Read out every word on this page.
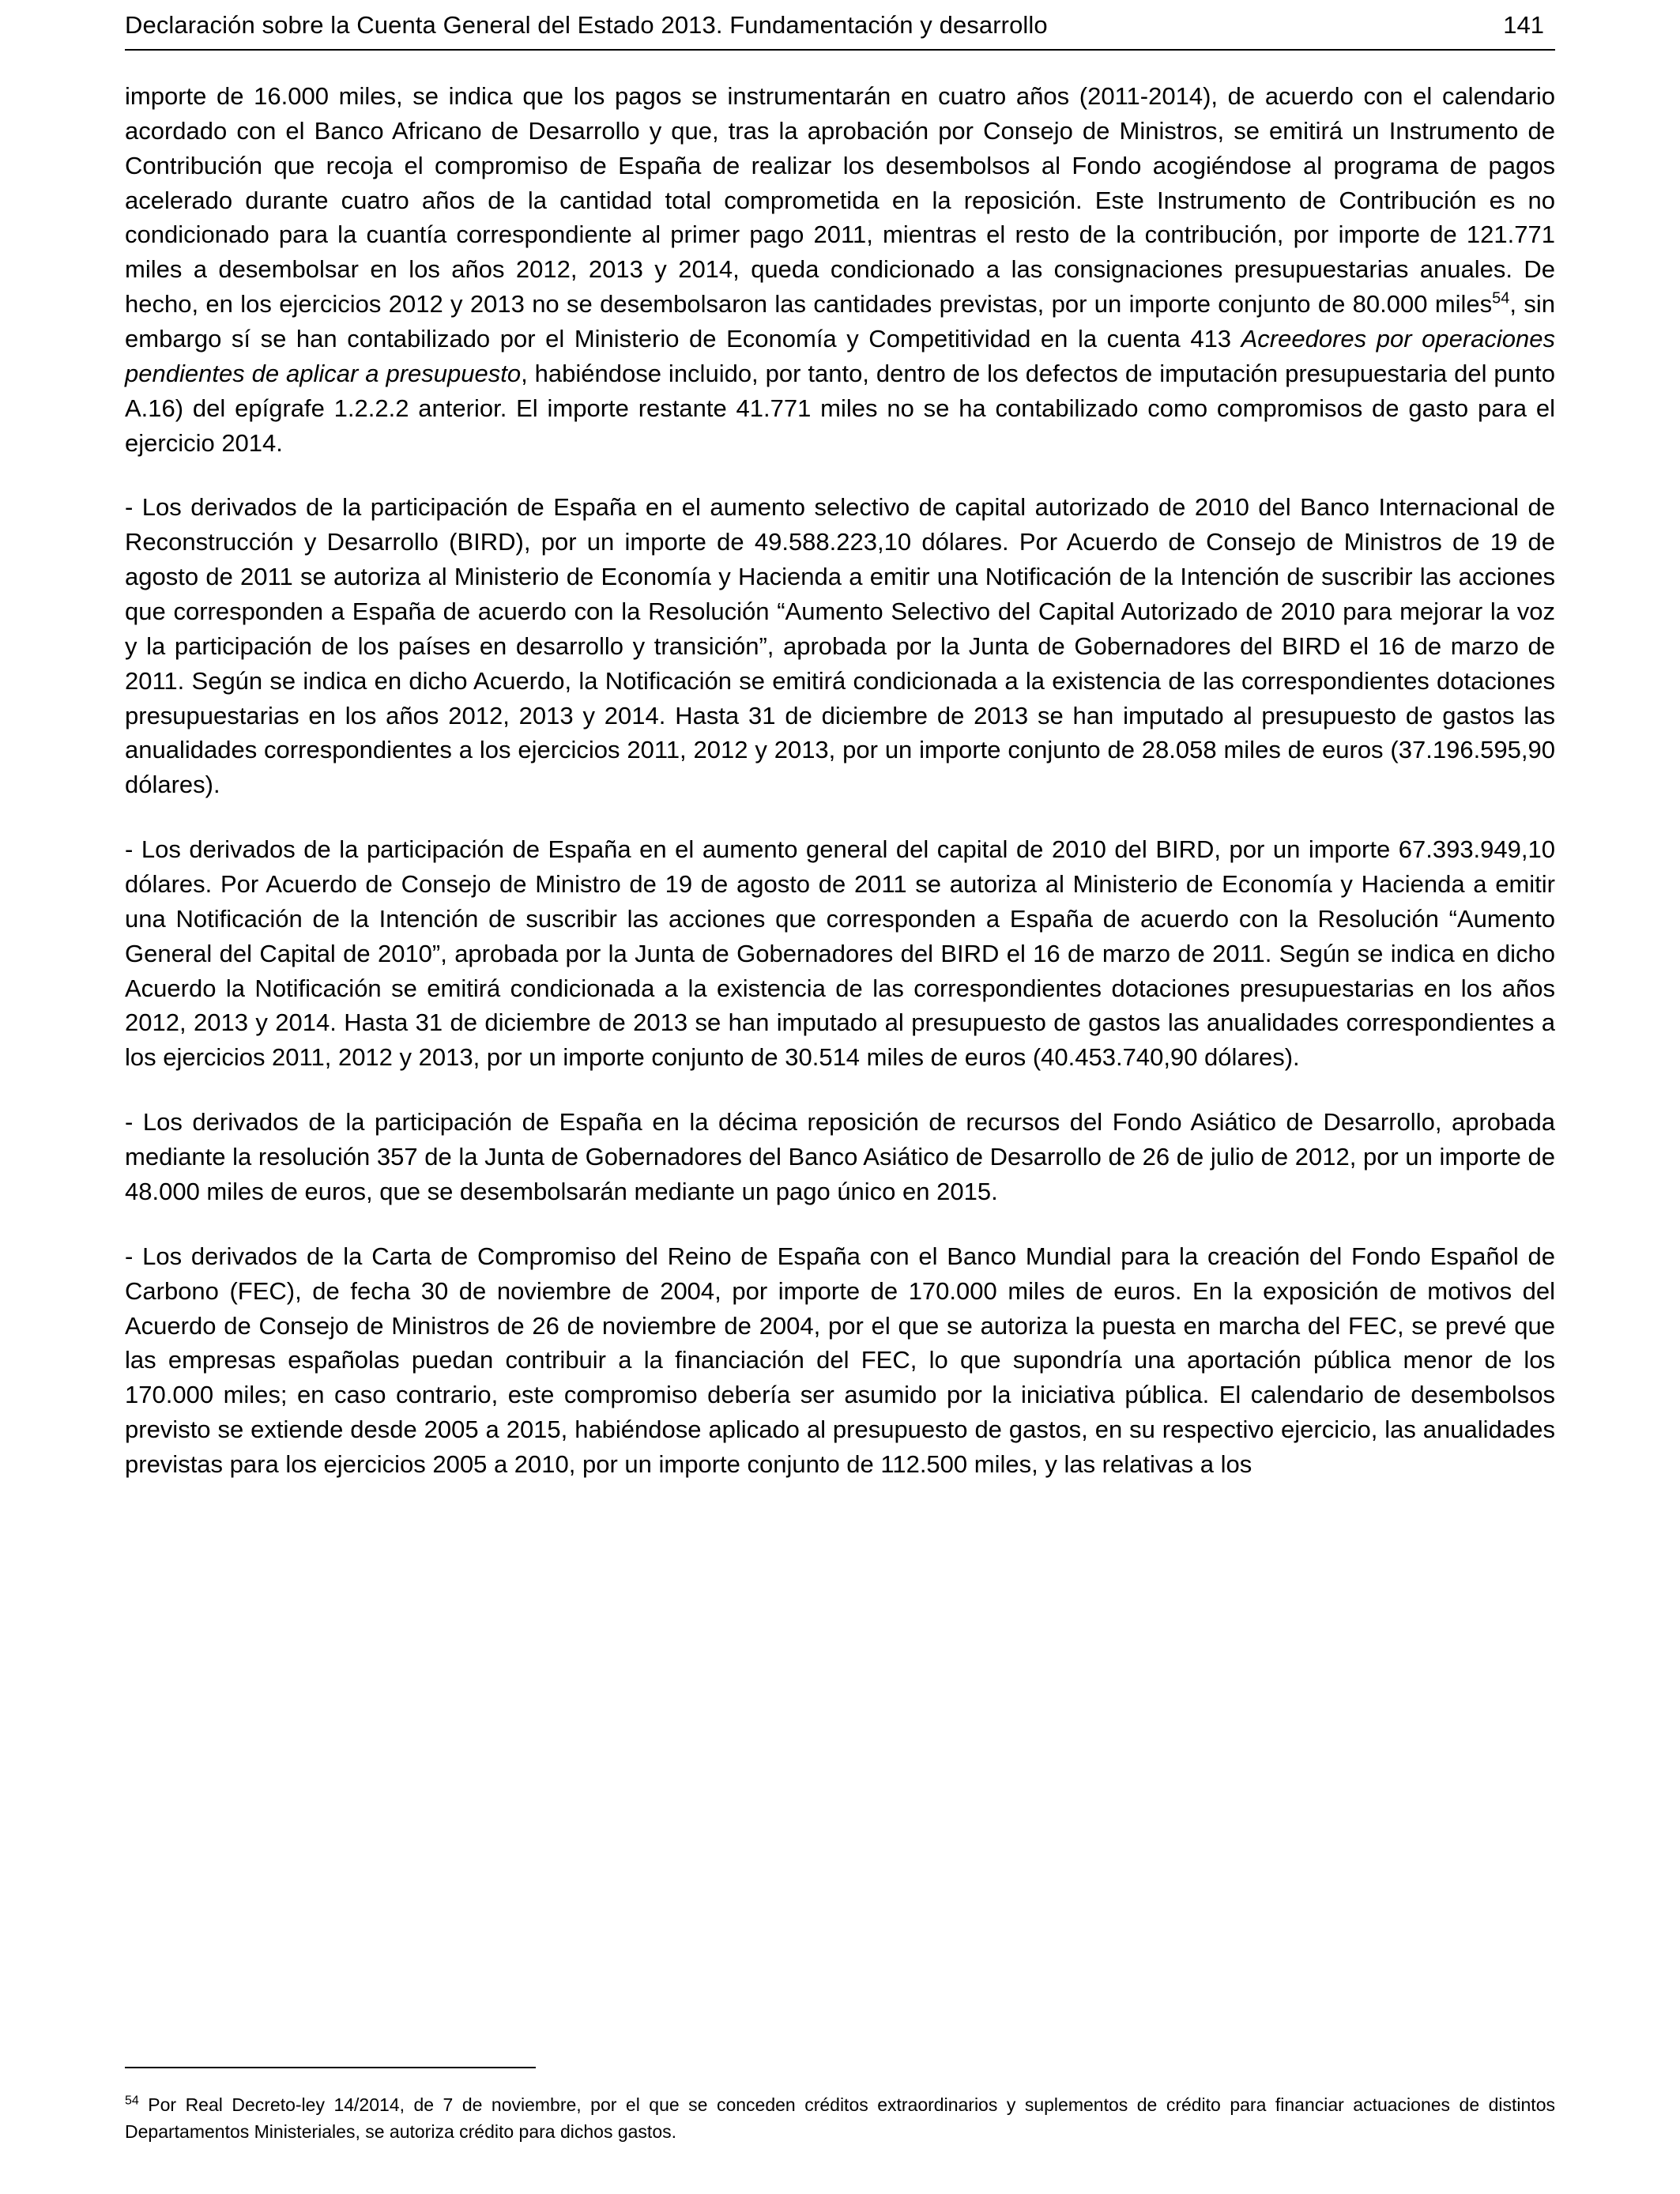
Declaración sobre la Cuenta General del Estado 2013. Fundamentación y desarrollo	141

importe de 16.000 miles, se indica que los pagos se instrumentarán en cuatro años (2011-2014), de acuerdo con el calendario acordado con el Banco Africano de Desarrollo y que, tras la aprobación por Consejo de Ministros, se emitirá un Instrumento de Contribución que recoja el compromiso de España de realizar los desembolsos al Fondo acogiéndose al programa de pagos acelerado durante cuatro años de la cantidad total comprometida en la reposición. Este Instrumento de Contribución es no condicionado para la cuantía correspondiente al primer pago 2011, mientras el resto de la contribución, por importe de 121.771 miles a desembolsar en los años 2012, 2013 y 2014, queda condicionado a las consignaciones presupuestarias anuales. De hecho, en los ejercicios 2012 y 2013 no se desembolsaron las cantidades previstas, por un importe conjunto de 80.000 miles$^{54}$, sin embargo sí se han contabilizado por el Ministerio de Economía y Competitividad en la cuenta 413 Acreedores por operaciones pendientes de aplicar a presupuesto, habiéndose incluido, por tanto, dentro de los defectos de imputación presupuestaria del punto A.16) del epígrafe 1.2.2.2 anterior. El importe restante 41.771 miles no se ha contabilizado como compromisos de gasto para el ejercicio 2014.

- Los derivados de la participación de España en el aumento selectivo de capital autorizado de 2010 del Banco Internacional de Reconstrucción y Desarrollo (BIRD), por un importe de 49.588.223,10 dólares. Por Acuerdo de Consejo de Ministros de 19 de agosto de 2011 se autoriza al Ministerio de Economía y Hacienda a emitir una Notificación de la Intención de suscribir las acciones que corresponden a España de acuerdo con la Resolución “Aumento Selectivo del Capital Autorizado de 2010 para mejorar la voz y la participación de los países en desarrollo y transición”, aprobada por la Junta de Gobernadores del BIRD el 16 de marzo de 2011. Según se indica en dicho Acuerdo, la Notificación se emitirá condicionada a la existencia de las correspondientes dotaciones presupuestarias en los años 2012, 2013 y 2014. Hasta 31 de diciembre de 2013 se han imputado al presupuesto de gastos las anualidades correspondientes a los ejercicios 2011, 2012 y 2013, por un importe conjunto de 28.058 miles de euros (37.196.595,90 dólares).

- Los derivados de la participación de España en el aumento general del capital de 2010 del BIRD, por un importe 67.393.949,10 dólares. Por Acuerdo de Consejo de Ministro de 19 de agosto de 2011 se autoriza al Ministerio de Economía y Hacienda a emitir una Notificación de la Intención de suscribir las acciones que corresponden a España de acuerdo con la Resolución “Aumento General del Capital de 2010”, aprobada por la Junta de Gobernadores del BIRD el 16 de marzo de 2011. Según se indica en dicho Acuerdo la Notificación se emitirá condicionada a la existencia de las correspondientes dotaciones presupuestarias en los años 2012, 2013 y 2014. Hasta 31 de diciembre de 2013 se han imputado al presupuesto de gastos las anualidades correspondientes a los ejercicios 2011, 2012 y 2013, por un importe conjunto de 30.514 miles de euros (40.453.740,90 dólares).

- Los derivados de la participación de España en la décima reposición de recursos del Fondo Asiático de Desarrollo, aprobada mediante la resolución 357 de la Junta de Gobernadores del Banco Asiático de Desarrollo de 26 de julio de 2012, por un importe de 48.000 miles de euros, que se desembolsarán mediante un pago único en 2015.

- Los derivados de la Carta de Compromiso del Reino de España con el Banco Mundial para la creación del Fondo Español de Carbono (FEC), de fecha 30 de noviembre de 2004, por importe de 170.000 miles de euros. En la exposición de motivos del Acuerdo de Consejo de Ministros de 26 de noviembre de 2004, por el que se autoriza la puesta en marcha del FEC, se prevé que las empresas españolas puedan contribuir a la financiación del FEC, lo que supondría una aportación pública menor de los 170.000 miles; en caso contrario, este compromiso debería ser asumido por la iniciativa pública. El calendario de desembolsos previsto se extiende desde 2005 a 2015, habiéndose aplicado al presupuesto de gastos, en su respectivo ejercicio, las anualidades previstas para los ejercicios 2005 a 2010, por un importe conjunto de 112.500 miles, y las relativas a los

$^{54}$ Por Real Decreto-ley 14/2014, de 7 de noviembre, por el que se conceden créditos extraordinarios y suplementos de crédito para financiar actuaciones de distintos Departamentos Ministeriales, se autoriza crédito para dichos gastos.
